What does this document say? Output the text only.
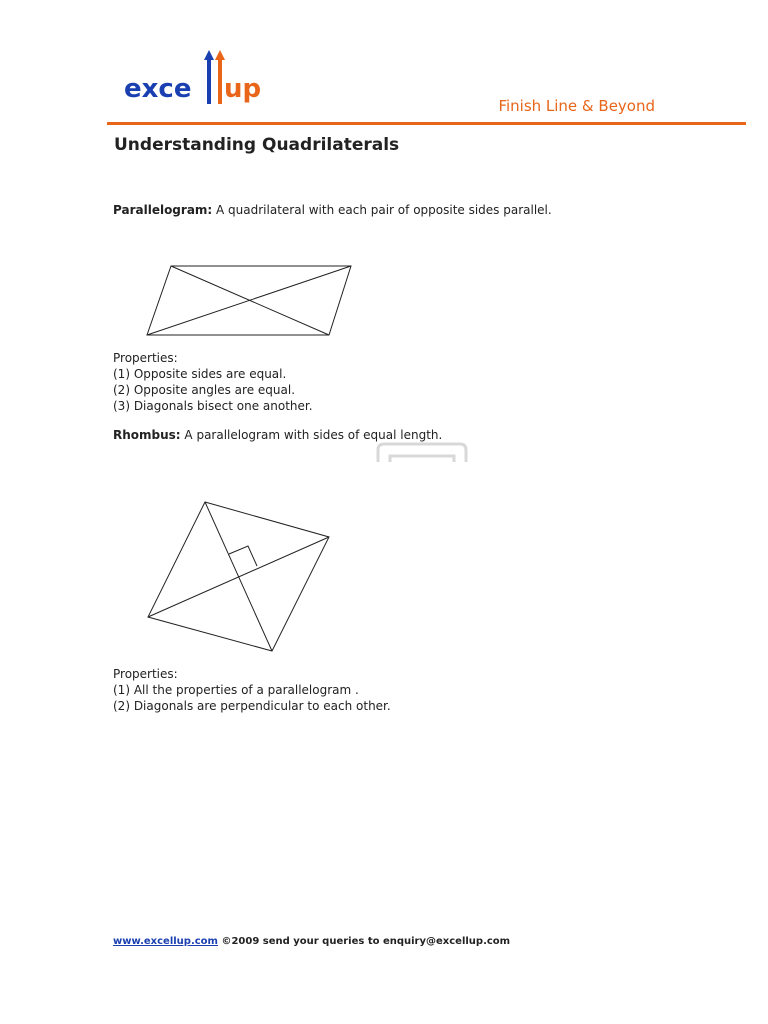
exce up
Finish Line & Beyond
Understanding Quadrilaterals
Parallelogram: A quadrilateral with each pair of opposite sides parallel.
Properties:
(1) Opposite sides are equal.
(2) Opposite angles are equal.
(3) Diagonals bisect one another.
Rhombus: A parallelogram with sides of equal length.
Properties:
(1) All the properties of a parallelogram .
(2) Diagonals are perpendicular to each other.
www.excellup.com ©2009 send your queries to enquiry@excellup.com
